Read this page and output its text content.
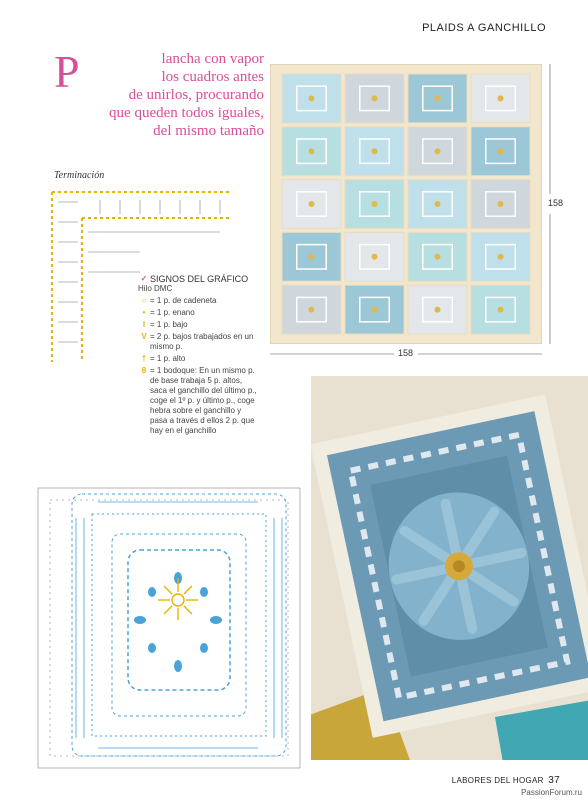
PLAIDS A GANCHILLO
P	lancha con vapor
los cuadros antes
de unirlos, procurando
que queden todos iguales,
del mismo tamaño
Terminación
✓ SIGNOS DEL GRÁFICO
Hilo DMC
○ = 1 p. de cadeneta
• = 1 p. enano
I = 1 p. bajo
V = 2 p. bajos trabajados en un mismo p.
† = 1 p. alto
8 = 1 bodoque: En un mismo p. de base trabaja 5 p. altos, saca el ganchillo del último p., coge el 1º p. y último p., coge hebra sobre el ganchillo y pasa a través d ellos 2 p. que hay en el ganchillo
158
158
LABORES DEL HOGAR 37
PassionForum.ru
